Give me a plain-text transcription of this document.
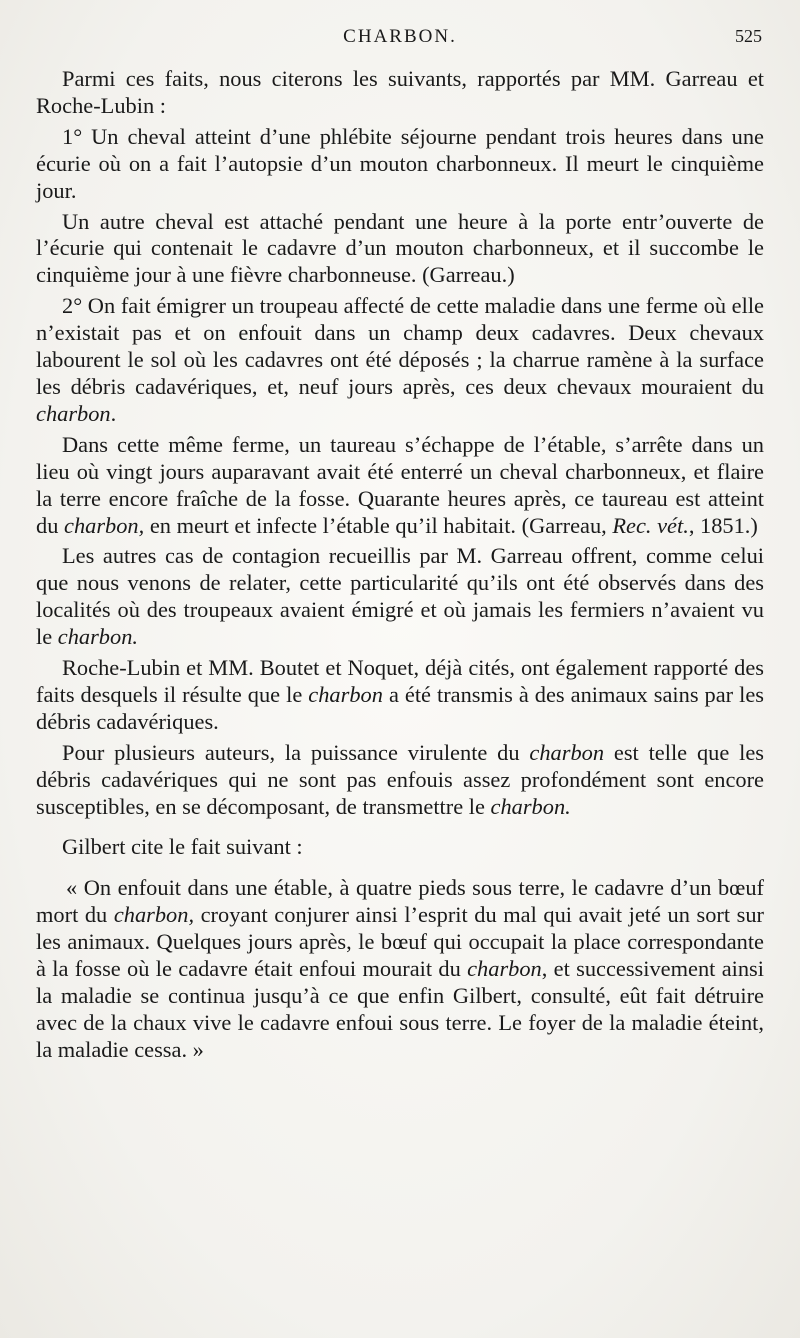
CHARBON.	525

Parmi ces faits, nous citerons les suivants, rapportés par MM. Garreau et Roche-Lubin :

1° Un cheval atteint d’une phlébite séjourne pendant trois heures dans une écurie où on a fait l’autopsie d’un mouton charbonneux. Il meurt le cinquième jour.

Un autre cheval est attaché pendant une heure à la porte entr’ouverte de l’écurie qui contenait le cadavre d’un mouton charbonneux, et il succombe le cinquième jour à une fièvre charbonneuse. (Garreau.)

2° On fait émigrer un troupeau affecté de cette maladie dans une ferme où elle n’existait pas et on enfouit dans un champ deux cadavres. Deux chevaux labourent le sol où les cadavres ont été déposés ; la charrue ramène à la surface les débris cadavériques, et, neuf jours après, ces deux chevaux mouraient du charbon.

Dans cette même ferme, un taureau s’échappe de l’étable, s’arrête dans un lieu où vingt jours auparavant avait été enterré un cheval charbonneux, et flaire la terre encore fraîche de la fosse. Quarante heures après, ce taureau est atteint du charbon, en meurt et infecte l’étable qu’il habitait. (Garreau, Rec. vét., 1851.)

Les autres cas de contagion recueillis par M. Garreau offrent, comme celui que nous venons de relater, cette particularité qu’ils ont été observés dans des localités où des troupeaux avaient émigré et où jamais les fermiers n’avaient vu le charbon.

Roche-Lubin et MM. Boutet et Noquet, déjà cités, ont également rapporté des faits desquels il résulte que le charbon a été transmis à des animaux sains par les débris cadavériques.

Pour plusieurs auteurs, la puissance virulente du charbon est telle que les débris cadavériques qui ne sont pas enfouis assez profondément sont encore susceptibles, en se décomposant, de transmettre le charbon.

Gilbert cite le fait suivant :

« On enfouit dans une étable, à quatre pieds sous terre, le cadavre d’un bœuf mort du charbon, croyant conjurer ainsi l’esprit du mal qui avait jeté un sort sur les animaux. Quelques jours après, le bœuf qui occupait la place correspondante à la fosse où le cadavre était enfoui mourait du charbon, et successivement ainsi la maladie se continua jusqu’à ce que enfin Gilbert, consulté, eût fait détruire avec de la chaux vive le cadavre enfoui sous terre. Le foyer de la maladie éteint, la maladie cessa. »
